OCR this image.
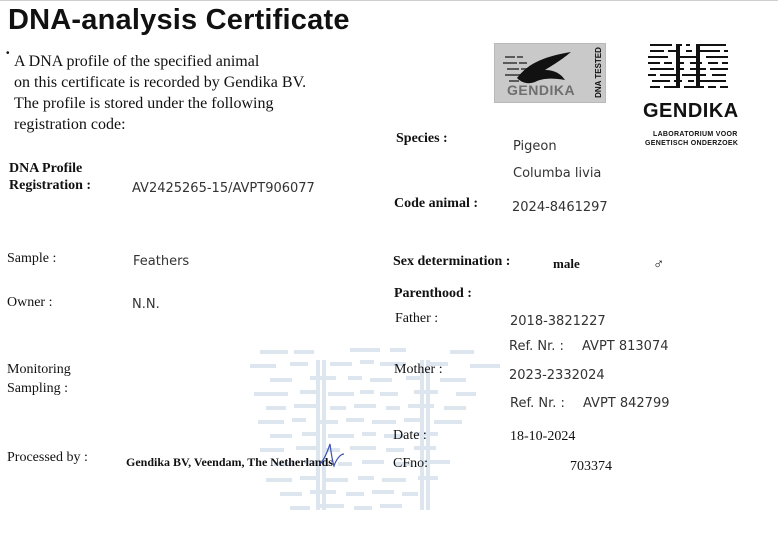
DNA-analysis Certificate
• A DNA profile of the specified animal
on this certificate is recorded by Gendika BV.
The profile is stored under the following
registration code:
GENDIKA DNA TESTED
GENDIKA
LABORATORIUM VOOR
GENETISCH ONDERZOEK
DNA Profile
Registration :	AV2425265-15/AVPT906077
Sample :	Feathers
Owner :	N.N.
Monitoring
Sampling :
Processed by :	Gendika BV, Veendam, The Netherlands
Species :
Pigeon
Columba livia
Code animal :	2024-8461297
Sex determination :	male	♂
Parenthood :
Father :	2018-3821227
Ref. Nr. : AVPT 813074
Mother :	2023-2332024
Ref. Nr. : AVPT 842799
Date :	18-10-2024
CFno:	703374
